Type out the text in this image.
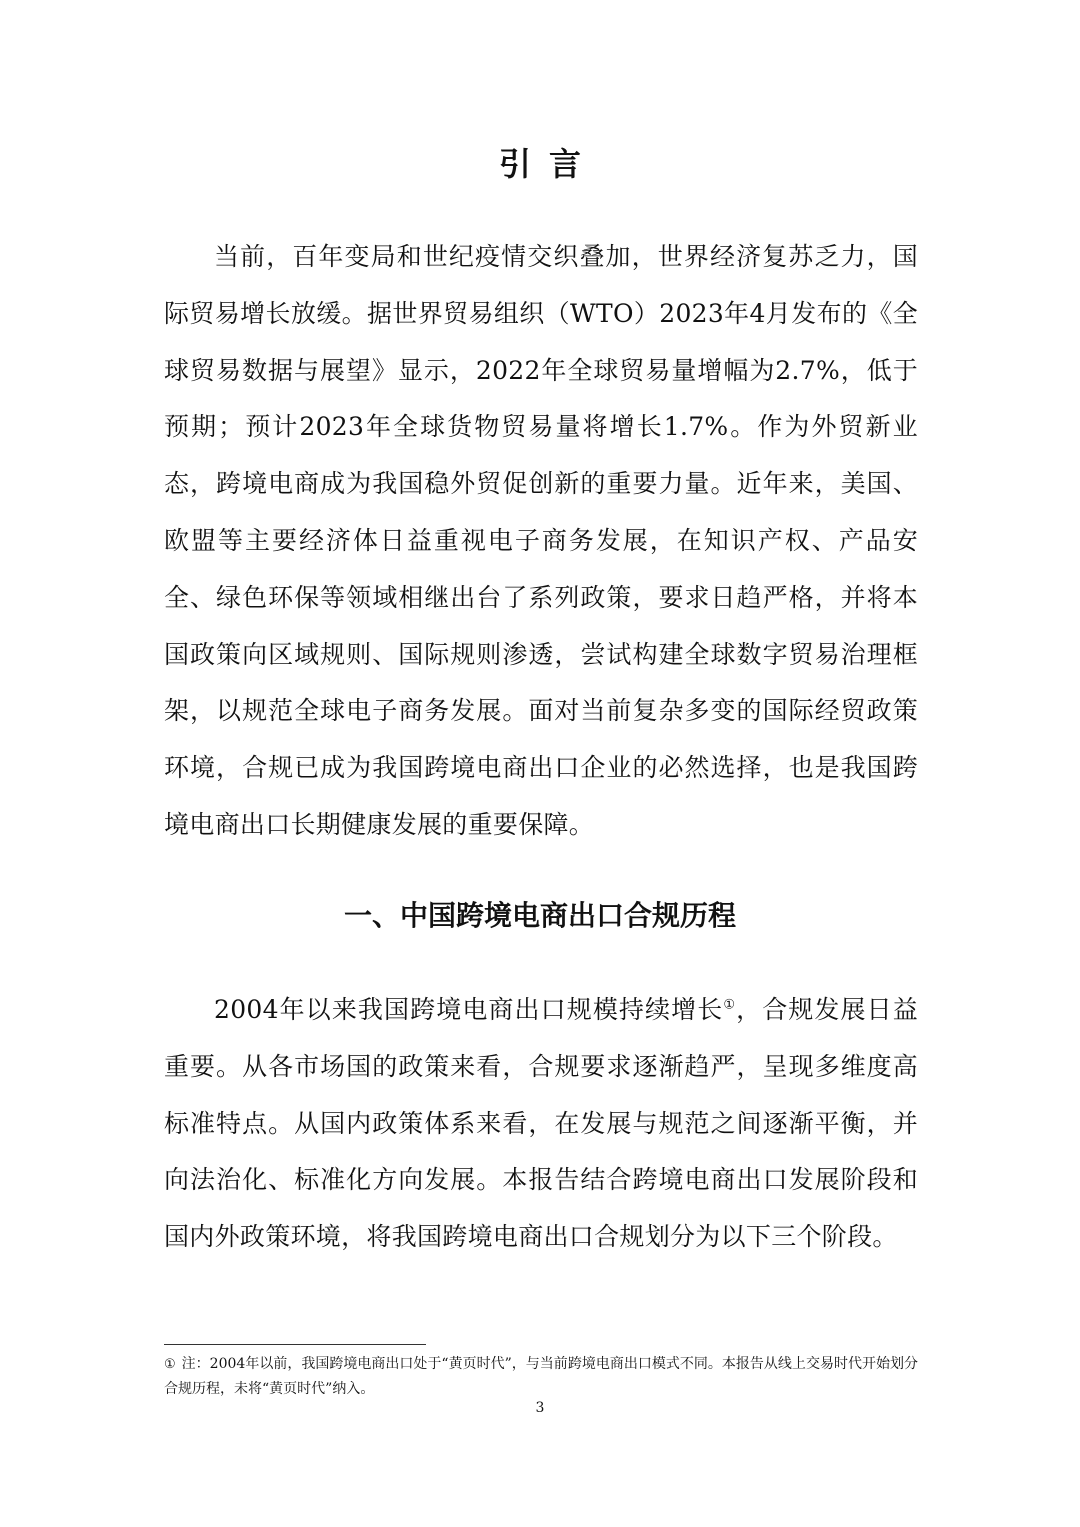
引言

当前，百年变局和世纪疫情交织叠加，世界经济复苏乏力，国际贸易增长放缓。据世界贸易组织（WTO）2023年4月发布的《全球贸易数据与展望》显示，2022年全球贸易量增幅为2.7%，低于预期；预计2023年全球货物贸易量将增长1.7%。作为外贸新业态，跨境电商成为我国稳外贸促创新的重要力量。近年来，美国、欧盟等主要经济体日益重视电子商务发展，在知识产权、产品安全、绿色环保等领域相继出台了系列政策，要求日趋严格，并将本国政策向区域规则、国际规则渗透，尝试构建全球数字贸易治理框架，以规范全球电子商务发展。面对当前复杂多变的国际经贸政策环境，合规已成为我国跨境电商出口企业的必然选择，也是我国跨境电商出口长期健康发展的重要保障。

一、中国跨境电商出口合规历程

2004年以来我国跨境电商出口规模持续增长①，合规发展日益重要。从各市场国的政策来看，合规要求逐渐趋严，呈现多维度高标准特点。从国内政策体系来看，在发展与规范之间逐渐平衡，并向法治化、标准化方向发展。本报告结合跨境电商出口发展阶段和国内外政策环境，将我国跨境电商出口合规划分为以下三个阶段。

① 注：2004年以前，我国跨境电商出口处于“黄页时代”，与当前跨境电商出口模式不同。本报告从线上交易时代开始划分合规历程，未将“黄页时代”纳入。

3
